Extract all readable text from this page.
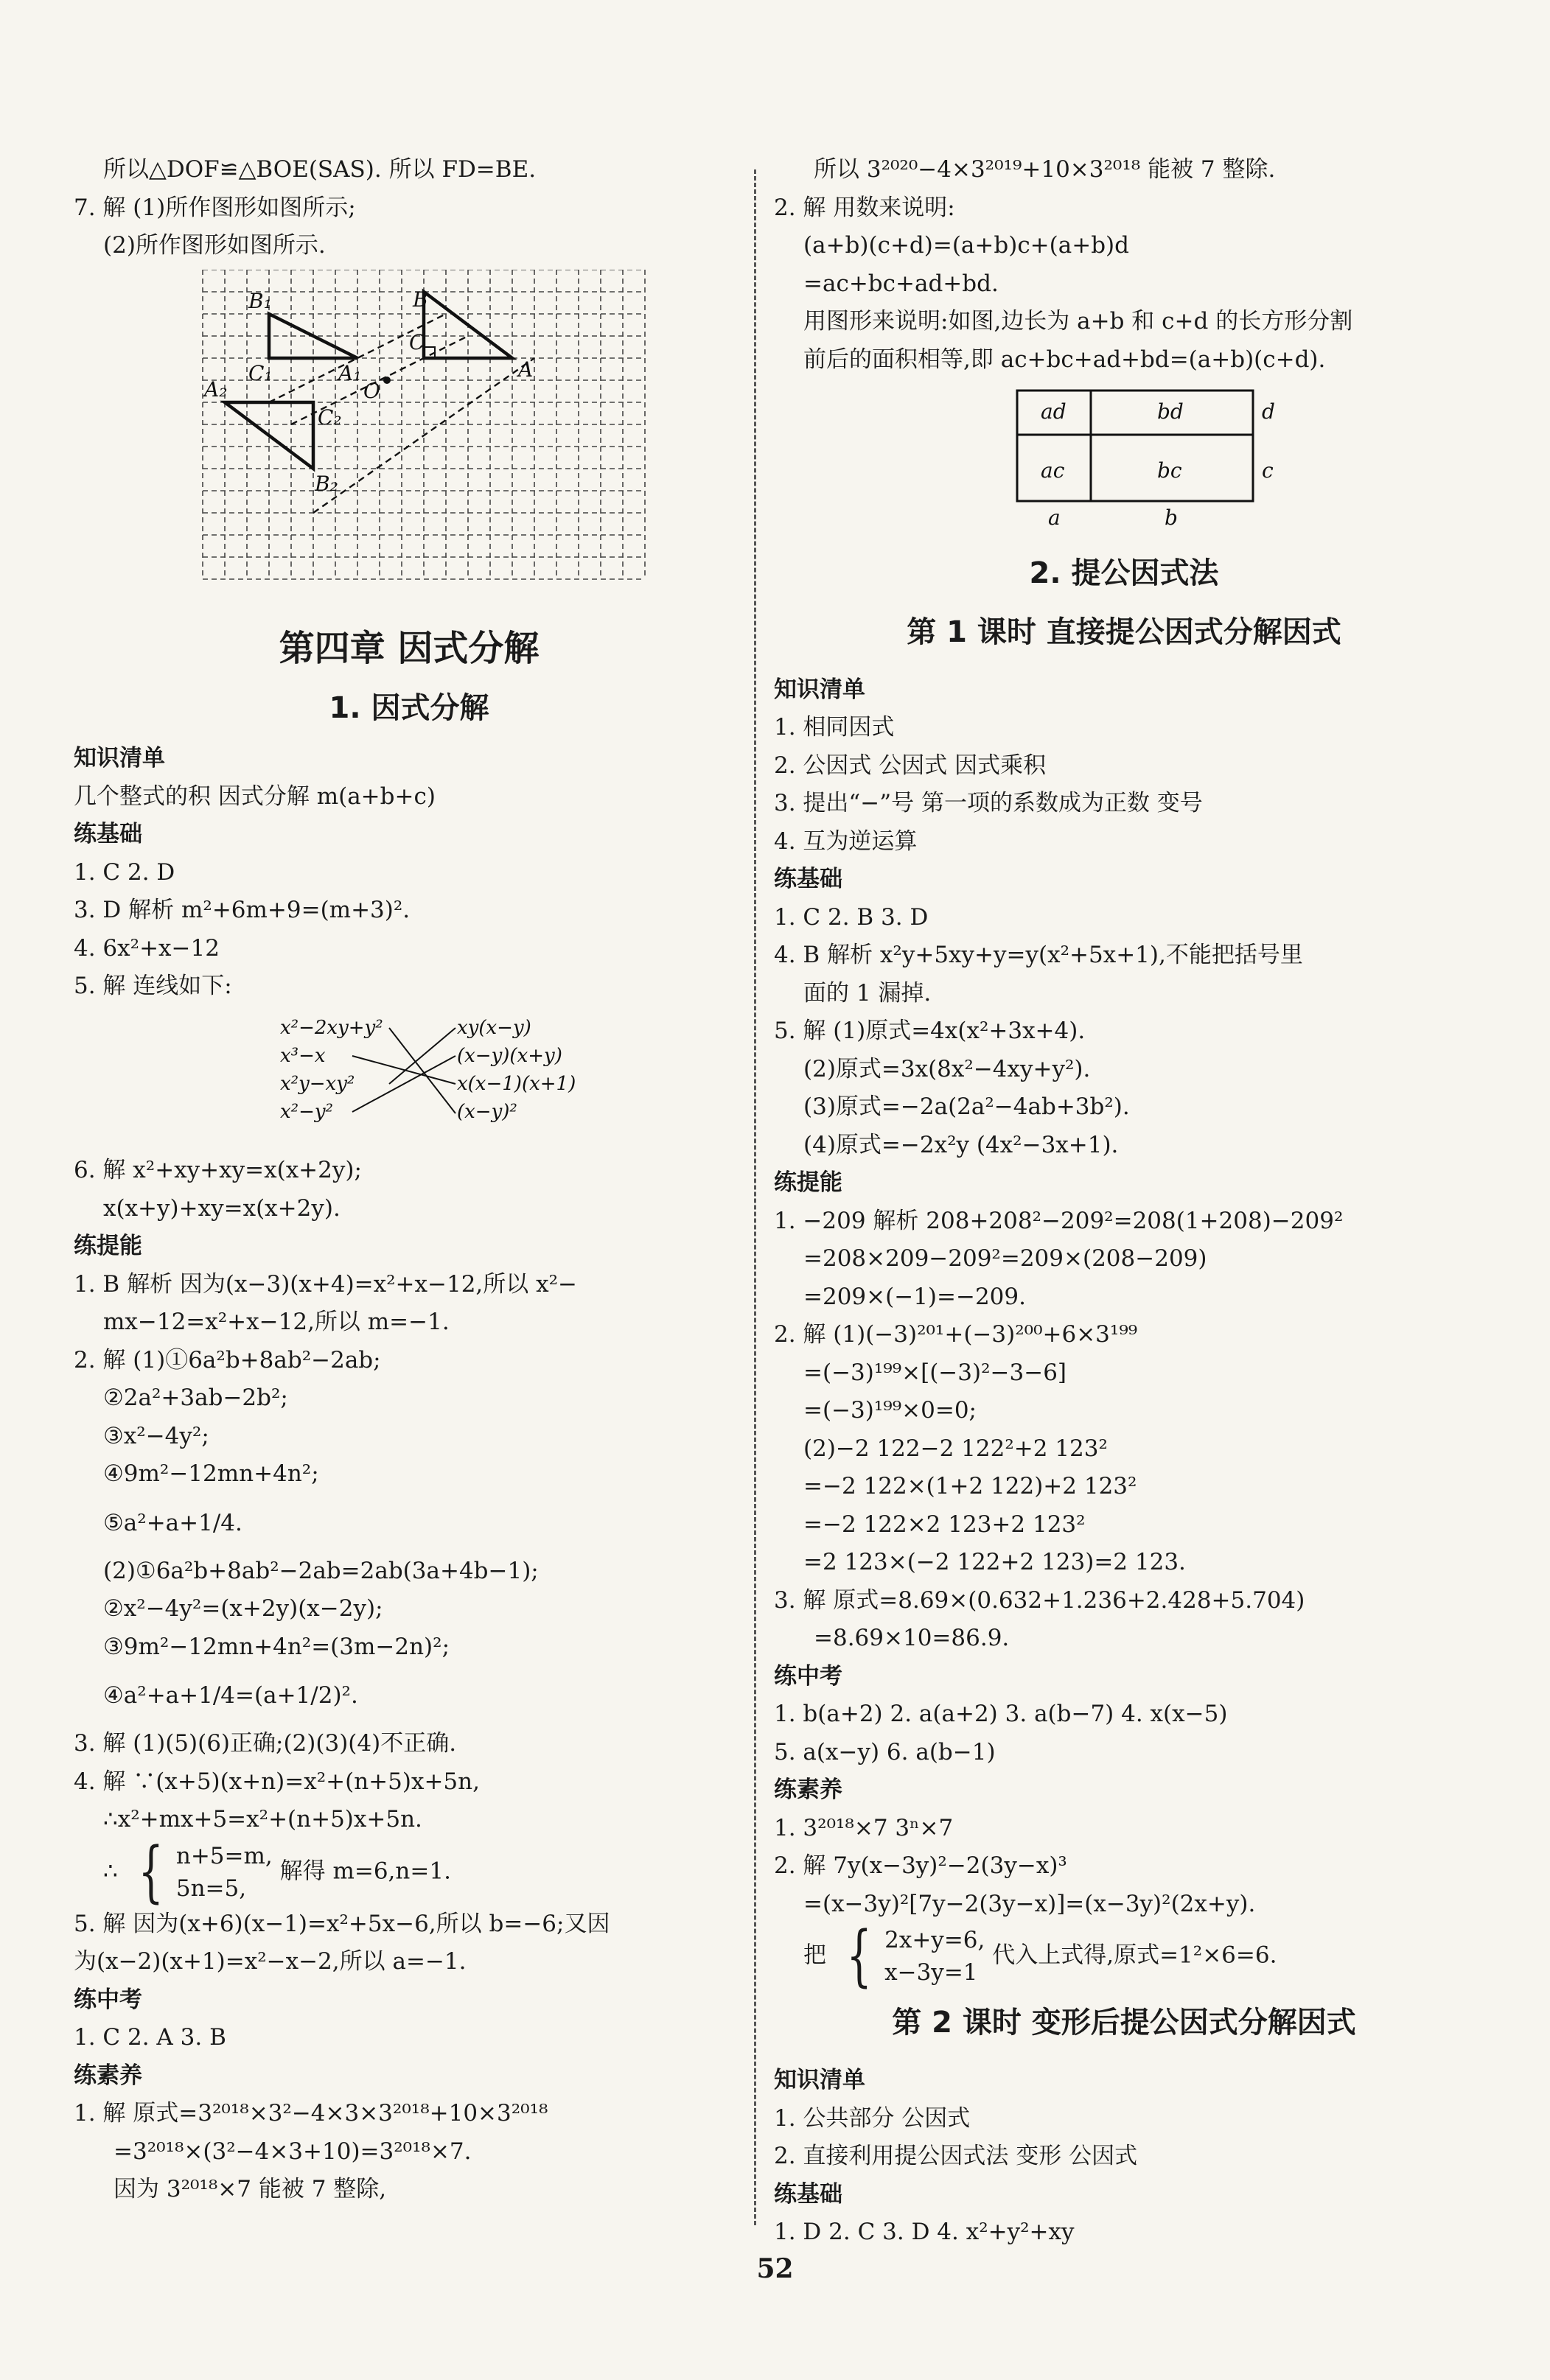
所以△DOF≌△BOE(SAS). 所以 FD=BE.
7. 解 (1)所作图形如图所示;
(2)所作图形如图所示.
B₁
C₁	A₁
B
C
A
O
A₂
C₂
B₂
第四章 因式分解
1. 因式分解
知识清单
几个整式的积 因式分解 m(a+b+c)
练基础
1. C 2. D
3. D 解析 m²+6m+9=(m+3)².
4. 6x²+x−12
5. 解 连线如下:
x²−2xy+y²
x³−x
x²y−xy²
x²−y²
xy(x−y)
(x−y)(x+y)
x(x−1)(x+1)
(x−y)²
6. 解 x²+xy+xy=x(x+2y);
x(x+y)+xy=x(x+2y).
练提能
1. B 解析 因为(x−3)(x+4)=x²+x−12,所以 x²−
mx−12=x²+x−12,所以 m=−1.
2. 解 (1)①6a²b+8ab²−2ab;
②2a²+3ab−2b²;
③x²−4y²;
④9m²−12mn+4n²;
⑤a²+a+1/4.
(2)①6a²b+8ab²−2ab=2ab(3a+4b−1);
②x²−4y²=(x+2y)(x−2y);
③9m²−12mn+4n²=(3m−2n)²;
④a²+a+1/4=(a+1/2)².
3. 解 (1)(5)(6)正确;(2)(3)(4)不正确.
4. 解 ∵(x+5)(x+n)=x²+(n+5)x+5n,
∴x²+mx+5=x²+(n+5)x+5n.
∴ { n+5=m,
5n=5,
解得 m=6,n=1.
5. 解 因为(x+6)(x−1)=x²+5x−6,所以 b=−6;又因
为(x−2)(x+1)=x²−x−2,所以 a=−1.
练中考
1. C 2. A 3. B
练素养
1. 解 原式=3²⁰¹⁸×3²−4×3×3²⁰¹⁸+10×3²⁰¹⁸
=3²⁰¹⁸×(3²−4×3+10)=3²⁰¹⁸×7.
因为 3²⁰¹⁸×7 能被 7 整除,
所以 3²⁰²⁰−4×3²⁰¹⁹+10×3²⁰¹⁸ 能被 7 整除.
2. 解 用数来说明:
(a+b)(c+d)=(a+b)c+(a+b)d
=ac+bc+ad+bd.
用图形来说明:如图,边长为 a+b 和 c+d 的长方形分割
前后的面积相等,即 ac+bc+ad+bd=(a+b)(c+d).
ad	bd
ac	bc
d
c
a	b
2. 提公因式法
第 1 课时 直接提公因式分解因式
知识清单
1. 相同因式
2. 公因式 公因式 因式乘积
3. 提出“−”号 第一项的系数成为正数 变号
4. 互为逆运算
练基础
1. C 2. B 3. D
4. B 解析 x²y+5xy+y=y(x²+5x+1),不能把括号里
面的 1 漏掉.
5. 解 (1)原式=4x(x²+3x+4).
(2)原式=3x(8x²−4xy+y²).
(3)原式=−2a(2a²−4ab+3b²).
(4)原式=−2x²y (4x²−3x+1).
练提能
1. −209 解析 208+208²−209²=208(1+208)−209²
=208×209−209²=209×(208−209)
=209×(−1)=−209.
2. 解 (1)(−3)²⁰¹+(−3)²⁰⁰+6×3¹⁹⁹
=(−3)¹⁹⁹×[(−3)²−3−6]
=(−3)¹⁹⁹×0=0;
(2)−2 122−2 122²+2 123²
=−2 122×(1+2 122)+2 123²
=−2 122×2 123+2 123²
=2 123×(−2 122+2 123)=2 123.
3. 解 原式=8.69×(0.632+1.236+2.428+5.704)
=8.69×10=86.9.
练中考
1. b(a+2) 2. a(a+2) 3. a(b−7) 4. x(x−5)
5. a(x−y) 6. a(b−1)
练素养
1. 3²⁰¹⁸×7 3ⁿ×7
2. 解 7y(x−3y)²−2(3y−x)³
=(x−3y)²[7y−2(3y−x)]=(x−3y)²(2x+y).
把 { 2x+y=6,
x−3y=1
代入上式得,原式=1²×6=6.
第 2 课时 变形后提公因式分解因式
知识清单
1. 公共部分 公因式
2. 直接利用提公因式法 变形 公因式
练基础
1. D 2. C 3. D 4. x²+y²+xy
52
